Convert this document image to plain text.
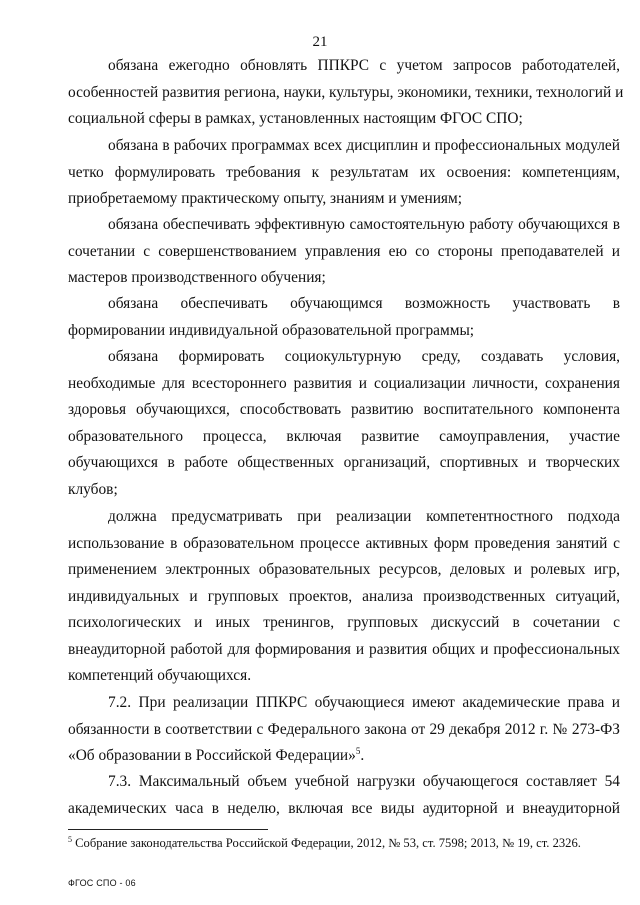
21

обязана ежегодно обновлять ППКРС с учетом запросов работодателей,
особенностей развития региона, науки, культуры, экономики, техники, технологий и
социальной сферы в рамках, установленных настоящим ФГОС СПО;

обязана в рабочих программах всех дисциплин и профессиональных модулей
четко формулировать требования к результатам их освоения: компетенциям,
приобретаемому практическому опыту, знаниям и умениям;

обязана обеспечивать эффективную самостоятельную работу обучающихся в
сочетании с совершенствованием управления ею со стороны преподавателей и
мастеров производственного обучения;

обязана обеспечивать обучающимся возможность участвовать в
формировании индивидуальной образовательной программы;

обязана формировать социокультурную среду, создавать условия,
необходимые для всестороннего развития и социализации личности, сохранения
здоровья обучающихся, способствовать развитию воспитательного компонента
образовательного процесса, включая развитие самоуправления, участие
обучающихся в работе общественных организаций, спортивных и творческих
клубов;

должна предусматривать при реализации компетентностного подхода
использование в образовательном процессе активных форм проведения занятий с
применением электронных образовательных ресурсов, деловых и ролевых игр,
индивидуальных и групповых проектов, анализа производственных ситуаций,
психологических и иных тренингов, групповых дискуссий в сочетании с
внеаудиторной работой для формирования и развития общих и профессиональных
компетенций обучающихся.

7.2. При реализации ППКРС обучающиеся имеют академические права и
обязанности в соответствии с Федерального закона от 29 декабря 2012 г. № 273-ФЗ
«Об образовании в Российской Федерации»$^5$.

7.3. Максимальный объем учебной нагрузки обучающегося составляет 54
академических часа в неделю, включая все виды аудиторной и внеаудиторной

$^5$ Собрание законодательства Российской Федерации, 2012, № 53, ст. 7598; 2013, № 19, ст. 2326.
ФГОС СПО - 06
